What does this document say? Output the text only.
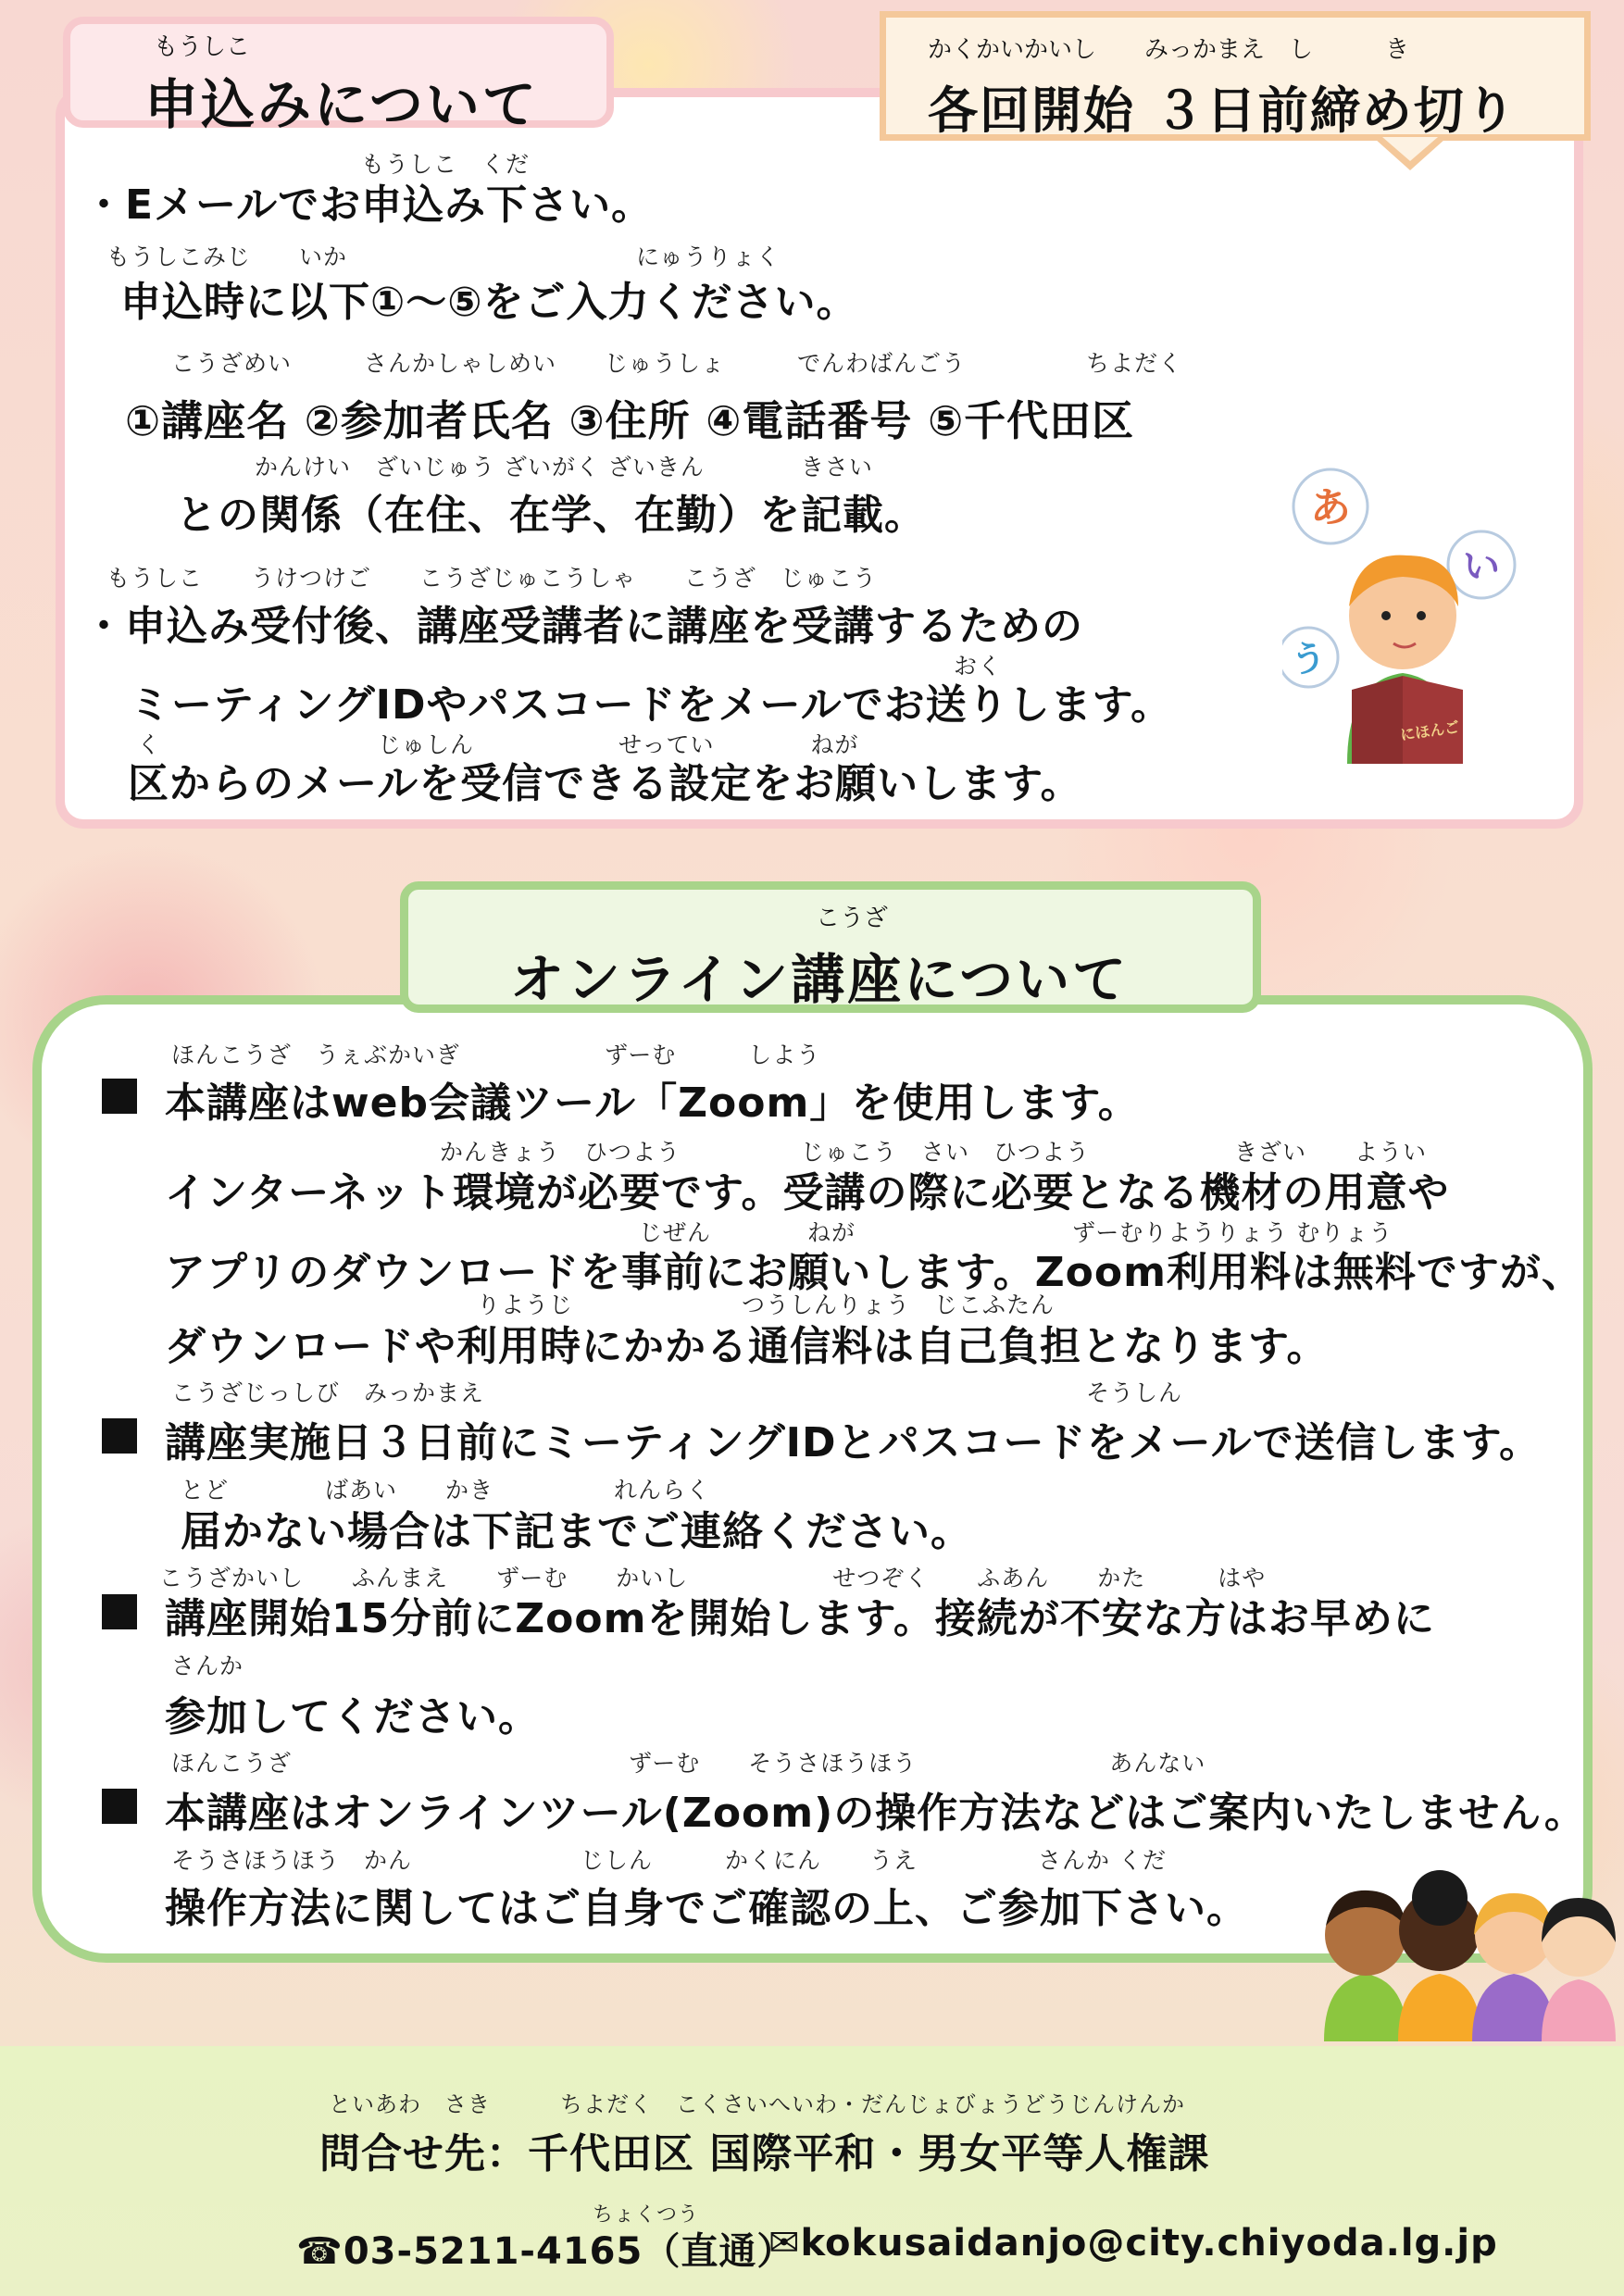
もうしこ
申込みについて
かくかいかいし　　みっかまえ　し　　　き
各回開始 ３日前締め切り
もうしこ　くだ
・Eメールでお申込み下さい。
もうしこみじ　　いか　　　　　　　　　　　　にゅうりょく
申込時に以下①～⑤をご入力ください。
こうざめい　　　さんかしゃしめい　　じゅうしょ　　　でんわばんごう　　　　　ちよだく
①講座名 ②参加者氏名 ③住所 ④電話番号 ⑤千代田区
かんけい　ざいじゅう ざいがく ざいきん　　　　きさい
との関係（在住、在学、在勤）を記載。
もうしこ　　うけつけご　　こうざじゅこうしゃ　　こうざ　じゅこう
・申込み受付後、講座受講者に講座を受講するための
おく
ミーティングIDやパスコードをメールでお送りします。
く　　　　　　　　　じゅしん　　　　　　せってい　　　　ねが
区からのメールを受信できる設定をお願いします。
あ
い
う
にほんご
こうざ
オンライン講座について
ほんこうざ　うぇぶかいぎ　　　　　　ずーむ　　　しよう
本講座はweb会議ツール「Zoom」を使用します。
かんきょう　ひつよう　　　　　じゅこう　さい　ひつよう　　　　　　きざい　　ようい
インターネット環境が必要です。受講の際に必要となる機材の用意や
じぜん　　　　ねが　　　　　　　　　ずーむりようりょう むりょう
アプリのダウンロードを事前にお願いします。Zoom利用料は無料ですが、
りようじ　　　　　　　つうしんりょう　じこふたん
ダウンロードや利用時にかかる通信料は自己負担となります。
こうざじっしび　みっかまえ　　　　　　　　　　　　　　　　　　　　　　　　　そうしん
講座実施日３日前にミーティングIDとパスコードをメールで送信します。
とど　　　　ばあい　　かき　　　　　れんらく
届かない場合は下記までご連絡ください。
こうざかいし　　ふんまえ　　ずーむ　　かいし　　　　　　せつぞく　　ふあん　　かた　　　はや
講座開始15分前にZoomを開始します。接続が不安な方はお早めに
さんか
参加してください。
ほんこうざ　　　　　　　　　　　　　　ずーむ　　そうさほうほう　　　　　　　　あんない
本講座はオンラインツール(Zoom)の操作方法などはご案内いたしません。
そうさほうほう　かん　　　　　　　じしん　　　かくにん　　うえ　　　　　さんか くだ
操作方法に関してはご自身でご確認の上、ご参加下さい。
といあわ　さき　　　ちよだく　こくさいへいわ・だんじょびょうどうじんけんか
問合せ先：千代田区 国際平和・男女平等人権課
ちょくつう
☎03-5211-4165（直通）
✉kokusaidanjo@city.chiyoda.lg.jp
